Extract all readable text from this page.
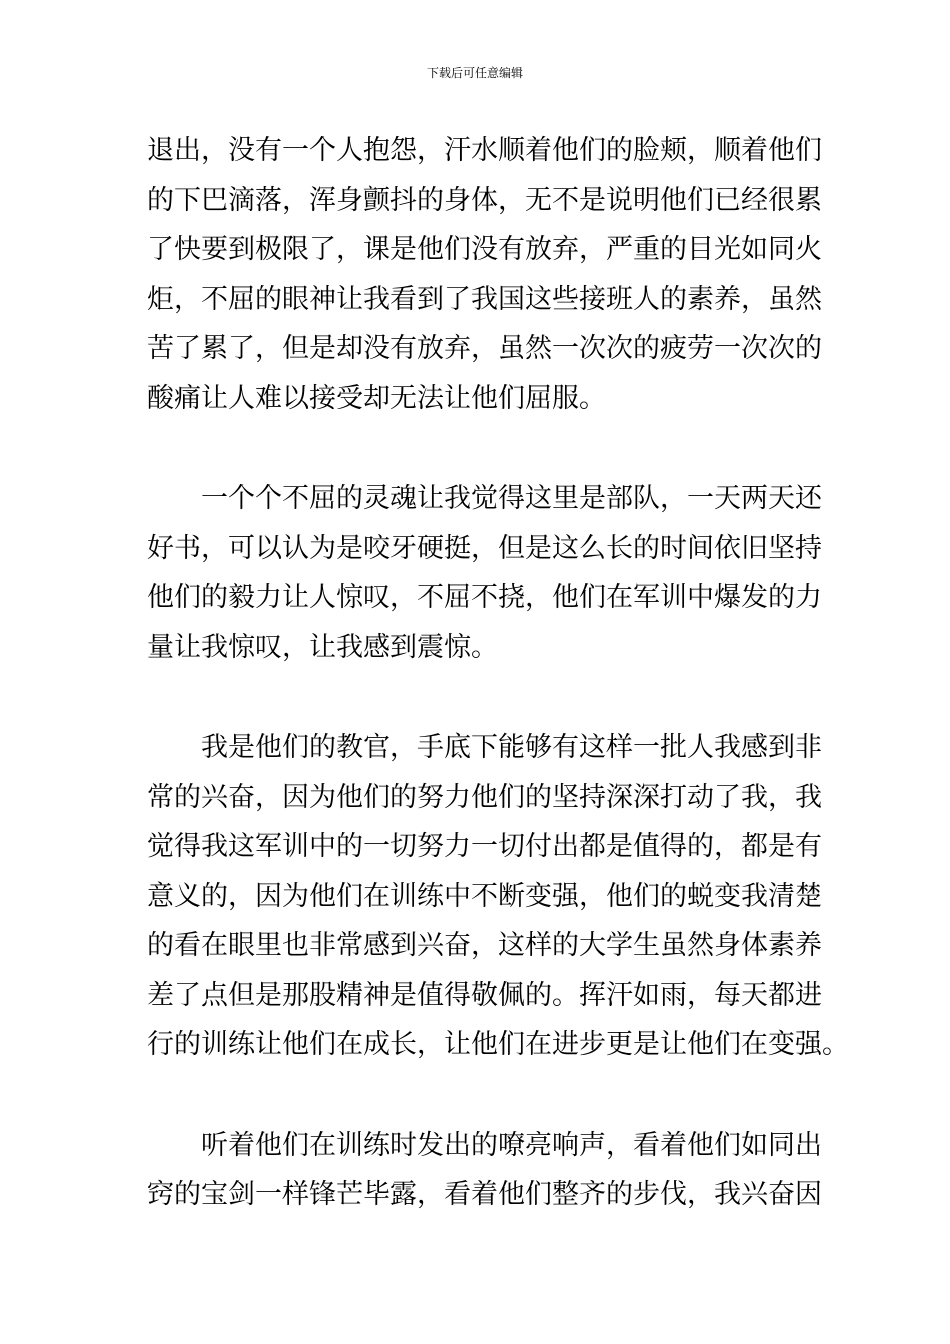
下载后可任意编辑
退出，没有一个人抱怨，汗水顺着他们的脸颊，顺着他们
的下巴滴落，浑身颤抖的身体，无不是说明他们已经很累
了快要到极限了，课是他们没有放弃，严重的目光如同火
炬，不屈的眼神让我看到了我国这些接班人的素养，虽然
苦了累了，但是却没有放弃，虽然一次次的疲劳一次次的
酸痛让人难以接受却无法让他们屈服。
一个个不屈的灵魂让我觉得这里是部队，一天两天还
好书，可以认为是咬牙硬挺，但是这么长的时间依旧坚持
他们的毅力让人惊叹，不屈不挠，他们在军训中爆发的力
量让我惊叹，让我感到震惊。
我是他们的教官，手底下能够有这样一批人我感到非
常的兴奋，因为他们的努力他们的坚持深深打动了我，我
觉得我这军训中的一切努力一切付出都是值得的，都是有
意义的，因为他们在训练中不断变强，他们的蜕变我清楚
的看在眼里也非常感到兴奋，这样的大学生虽然身体素养
差了点但是那股精神是值得敬佩的。挥汗如雨，每天都进
行的训练让他们在成长，让他们在进步更是让他们在变强。
听着他们在训练时发出的嘹亮响声，看着他们如同出
窍的宝剑一样锋芒毕露，看着他们整齐的步伐，我兴奋因
